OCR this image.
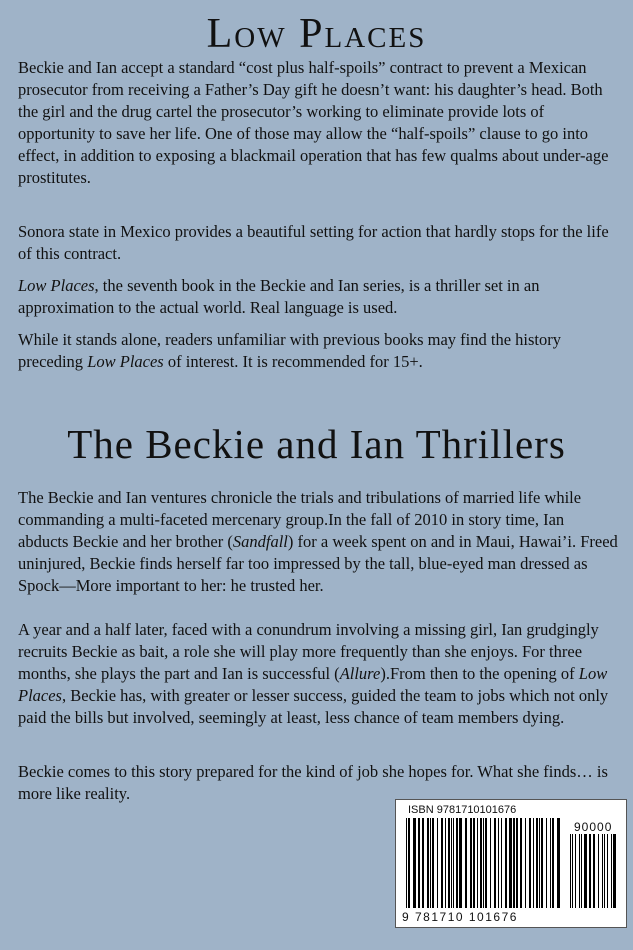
Low Places

Beckie and Ian accept a standard “cost plus half-spoils” contract to prevent a Mexican prosecutor from receiving a Father’s Day gift he doesn’t want: his daughter’s head. Both the girl and the drug cartel the prosecutor’s working to eliminate provide lots of opportunity to save her life. One of those may allow the “half-spoils” clause to go into effect, in addition to exposing a blackmail operation that has few qualms about under-age prostitutes.

Sonora state in Mexico provides a beautiful setting for action that hardly stops for the life of this contract.

Low Places, the seventh book in the Beckie and Ian series, is a thriller set in an approximation to the actual world. Real language is used.

While it stands alone, readers unfamiliar with previous books may find the history preceding Low Places of interest. It is recommended for 15+.

The Beckie and Ian Thrillers

The Beckie and Ian ventures chronicle the trials and tribulations of married life while commanding a multi-faceted mercenary group.In the fall of 2010 in story time, Ian abducts Beckie and her brother (Sandfall) for a week spent on and in Maui, Hawai’i. Freed uninjured, Beckie finds herself far too impressed by the tall, blue-eyed man dressed as Spock—More important to her: he trusted her.

A year and a half later, faced with a conundrum involving a missing girl, Ian grudgingly recruits Beckie as bait, a role she will play more frequently than she enjoys. For three months, she plays the part and Ian is successful (Allure).From then to the opening of Low Places, Beckie has, with greater or lesser success, guided the team to jobs which not only paid the bills but involved, seemingly at least, less chance of team members dying.

Beckie comes to this story prepared for the kind of job she hopes for. What she finds… is more like reality.

ISBN 9781710101676
90000
9 781710 101676
